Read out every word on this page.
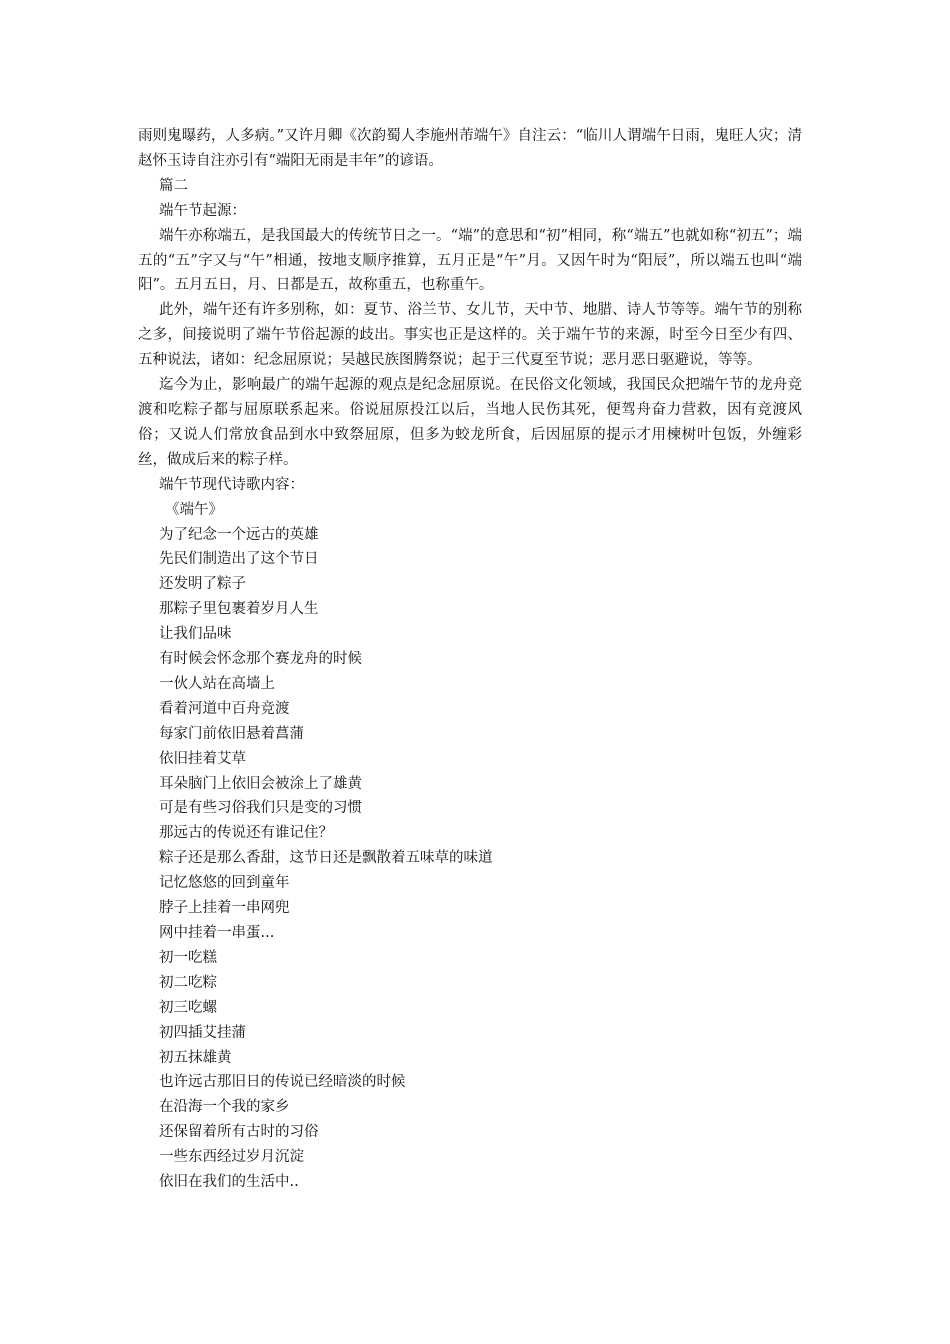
雨则鬼曝药，人多病。”又许月卿《次韵蜀人李施州芾端午》自注云：“临川人谓端午日雨，鬼旺人灾；清赵怀玉诗自注亦引有“端阳无雨是丰年”的谚语。

篇二
端午节起源：

端午亦称端五，是我国最大的传统节日之一。“端”的意思和“初”相同，称“端五”也就如称“初五”；端五的“五”字又与“午”相通，按地支顺序推算，五月正是“午”月。又因午时为“阳辰”，所以端五也叫“端阳”。五月五日，月、日都是五，故称重五，也称重午。

此外，端午还有许多别称，如：夏节、浴兰节、女儿节，天中节、地腊、诗人节等等。端午节的别称之多，间接说明了端午节俗起源的歧出。事实也正是这样的。关于端午节的来源，时至今日至少有四、五种说法，诸如：纪念屈原说；吴越民族图腾祭说；起于三代夏至节说；恶月恶日驱避说，等等。

迄今为止，影响最广的端午起源的观点是纪念屈原说。在民俗文化领域，我国民众把端午节的龙舟竞渡和吃粽子都与屈原联系起来。俗说屈原投江以后，当地人民伤其死，便驾舟奋力营救，因有竞渡风俗；又说人们常放食品到水中致祭屈原，但多为蛟龙所食，后因屈原的提示才用楝树叶包饭，外缠彩丝，做成后来的粽子样。

端午节现代诗歌内容：
《端午》
为了纪念一个远古的英雄
先民们制造出了这个节日
还发明了粽子
那粽子里包裹着岁月人生
让我们品味
有时候会怀念那个赛龙舟的时候
一伙人站在高墙上
看着河道中百舟竞渡
每家门前依旧悬着菖蒲
依旧挂着艾草
耳朵脑门上依旧会被涂上了雄黄
可是有些习俗我们只是变的习惯
那远古的传说还有谁记住？
粽子还是那么香甜，这节日还是飘散着五味草的味道
记忆悠悠的回到童年
脖子上挂着一串网兜
网中挂着一串蛋...
初一吃糕
初二吃粽
初三吃螺
初四插艾挂蒲
初五抹雄黄
也许远古那旧日的传说已经暗淡的时候
在沿海一个我的家乡
还保留着所有古时的习俗
一些东西经过岁月沉淀
依旧在我们的生活中..
